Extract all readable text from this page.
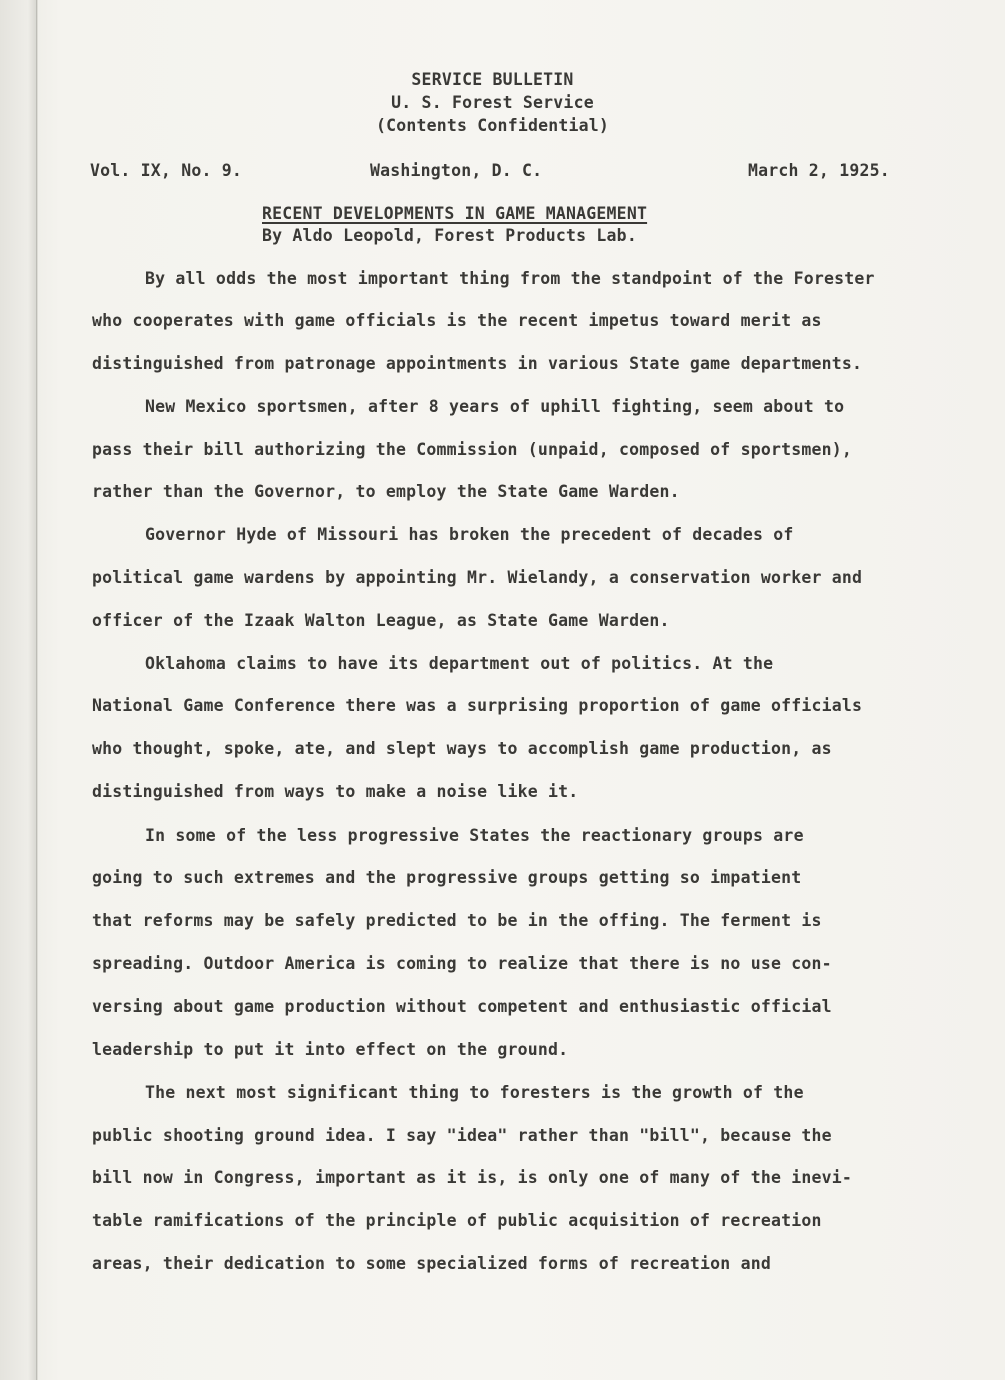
SERVICE BULLETIN
U. S. Forest Service
(Contents Confidential)
Vol. IX, No. 9.	Washington, D. C.	March 2, 1925.
RECENT DEVELOPMENTS IN GAME MANAGEMENT
By Aldo Leopold, Forest Products Lab.
By all odds the most important thing from the standpoint of the Forester
who cooperates with game officials is the recent impetus toward merit as
distinguished from patronage appointments in various State game departments.
New Mexico sportsmen, after 8 years of uphill fighting, seem about to
pass their bill authorizing the Commission (unpaid, composed of sportsmen),
rather than the Governor, to employ the State Game Warden.
Governor Hyde of Missouri has broken the precedent of decades of
political game wardens by appointing Mr. Wielandy, a conservation worker and
officer of the Izaak Walton League, as State Game Warden.
Oklahoma claims to have its department out of politics. At the
National Game Conference there was a surprising proportion of game officials
who thought, spoke, ate, and slept ways to accomplish game production, as
distinguished from ways to make a noise like it.
In some of the less progressive States the reactionary groups are
going to such extremes and the progressive groups getting so impatient
that reforms may be safely predicted to be in the offing. The ferment is
spreading. Outdoor America is coming to realize that there is no use con-
versing about game production without competent and enthusiastic official
leadership to put it into effect on the ground.
The next most significant thing to foresters is the growth of the
public shooting ground idea. I say "idea" rather than "bill", because the
bill now in Congress, important as it is, is only one of many of the inevi-
table ramifications of the principle of public acquisition of recreation
areas, their dedication to some specialized forms of recreation and
